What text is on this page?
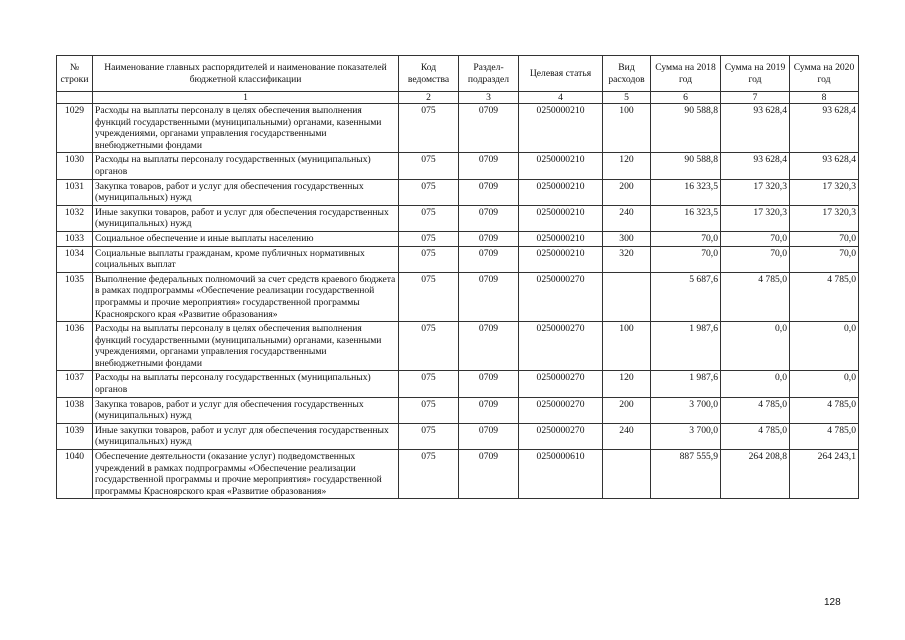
№ строки	Наименование главных распорядителей и наименование показателей бюджетной классификации	Код ведомства	Раздел-подраздел	Целевая статья	Вид расходов	Сумма на 2018 год	Сумма на 2019 год	Сумма на 2020 год
	1	2	3	4	5	6	7	8
1029	Расходы на выплаты персоналу в целях обеспечения выполнения функций государственными (муниципальными) органами, казенными учреждениями, органами управления государственными внебюджетными фондами	075	0709	0250000210	100	90 588,8	93 628,4	93 628,4
1030	Расходы на выплаты персоналу государственных (муниципальных) органов	075	0709	0250000210	120	90 588,8	93 628,4	93 628,4
1031	Закупка товаров, работ и услуг для обеспечения государственных (муниципальных) нужд	075	0709	0250000210	200	16 323,5	17 320,3	17 320,3
1032	Иные закупки товаров, работ и услуг для обеспечения государственных (муниципальных) нужд	075	0709	0250000210	240	16 323,5	17 320,3	17 320,3
1033	Социальное обеспечение и иные выплаты населению	075	0709	0250000210	300	70,0	70,0	70,0
1034	Социальные выплаты гражданам, кроме публичных нормативных социальных выплат	075	0709	0250000210	320	70,0	70,0	70,0
1035	Выполнение федеральных полномочий за счет средств краевого бюджета в рамках подпрограммы «Обеспечение реализации государственной программы и прочие мероприятия» государственной программы Красноярского края «Развитие образования»	075	0709	0250000270		5 687,6	4 785,0	4 785,0
1036	Расходы на выплаты персоналу в целях обеспечения выполнения функций государственными (муниципальными) органами, казенными учреждениями, органами управления государственными внебюджетными фондами	075	0709	0250000270	100	1 987,6	0,0	0,0
1037	Расходы на выплаты персоналу государственных (муниципальных) органов	075	0709	0250000270	120	1 987,6	0,0	0,0
1038	Закупка товаров, работ и услуг для обеспечения государственных (муниципальных) нужд	075	0709	0250000270	200	3 700,0	4 785,0	4 785,0
1039	Иные закупки товаров, работ и услуг для обеспечения государственных (муниципальных) нужд	075	0709	0250000270	240	3 700,0	4 785,0	4 785,0
1040	Обеспечение деятельности (оказание услуг) подведомственных учреждений в рамках подпрограммы «Обеспечение реализации государственной программы и прочие мероприятия» государственной программы Красноярского края «Развитие образования»	075	0709	0250000610		887 555,9	264 208,8	264 243,1
128
